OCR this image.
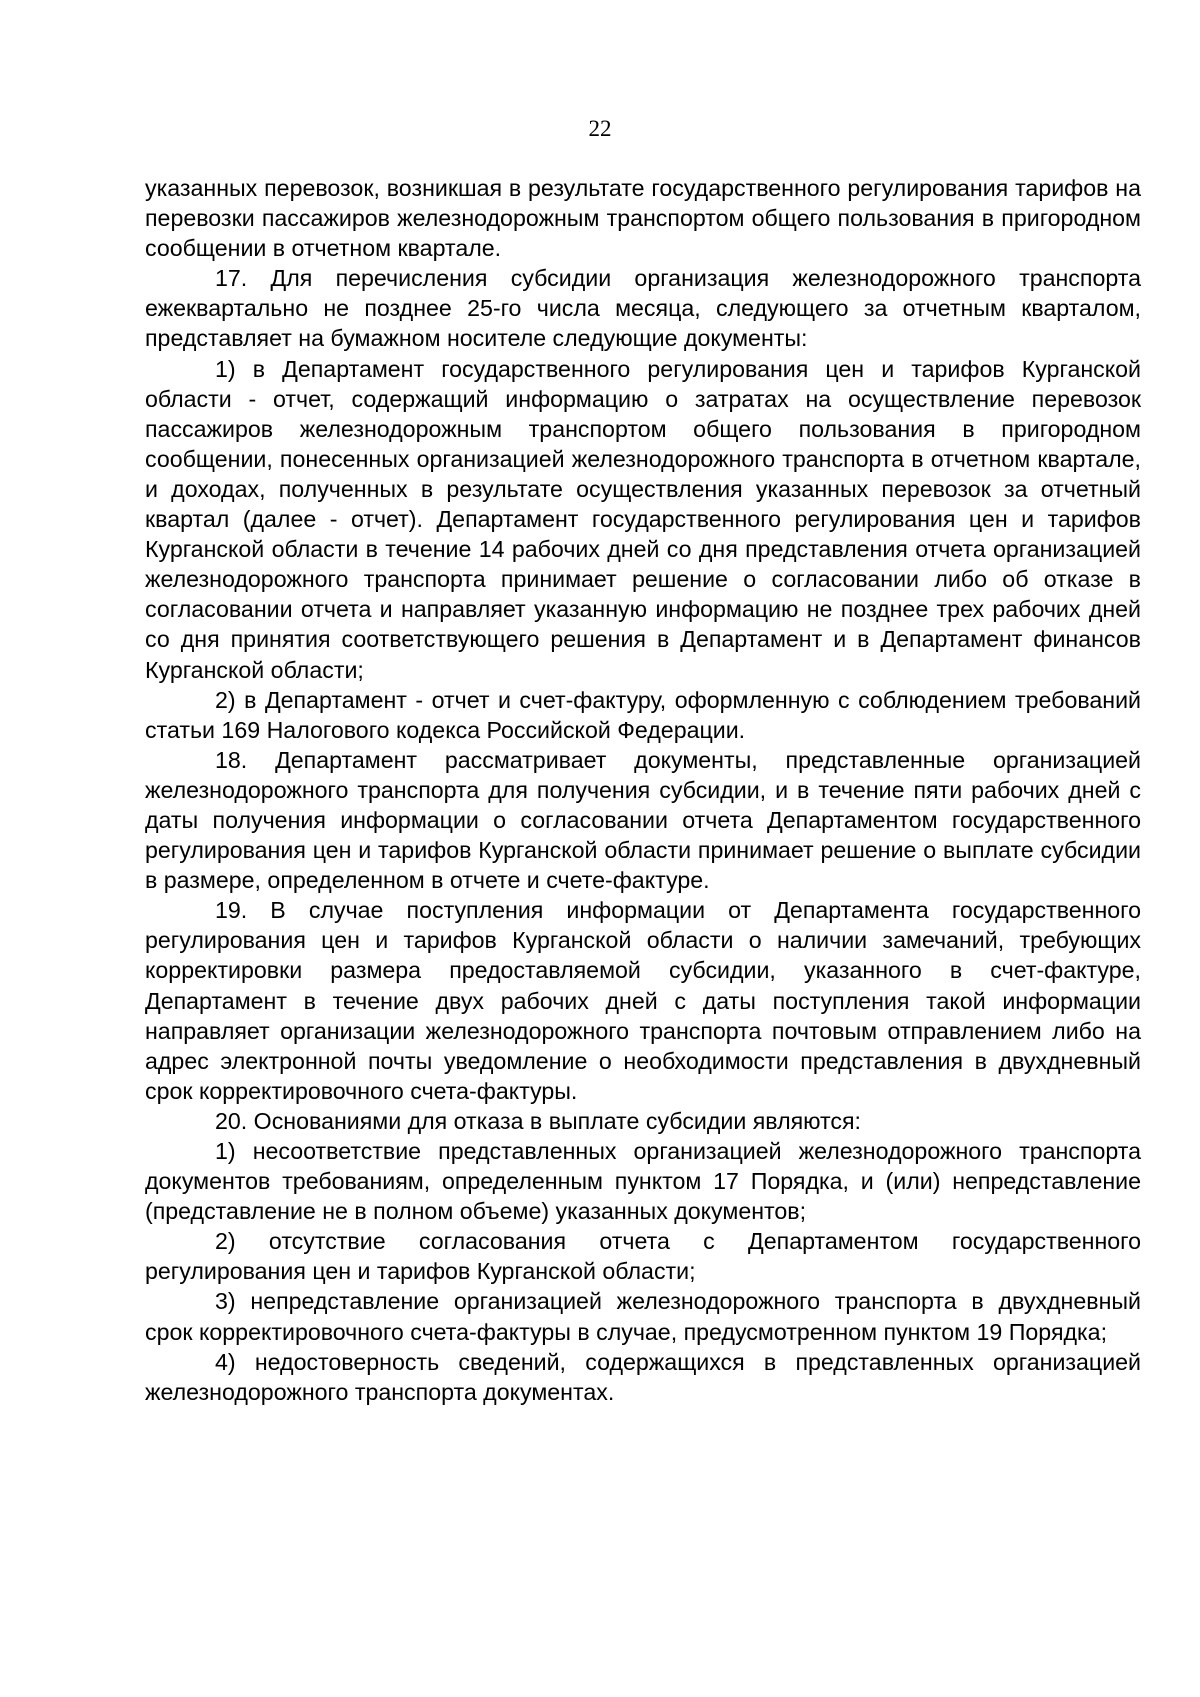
22

указанных перевозок, возникшая в результате государственного регулирования тарифов на перевозки пассажиров железнодорожным транспортом общего пользования в пригородном сообщении в отчетном квартале.

17. Для перечисления субсидии организация железнодорожного транспорта ежеквартально не позднее 25-го числа месяца, следующего за отчетным кварталом, представляет на бумажном носителе следующие документы:

1) в Департамент государственного регулирования цен и тарифов Курганской области - отчет, содержащий информацию о затратах на осуществление перевозок пассажиров железнодорожным транспортом общего пользования в пригородном сообщении, понесенных организацией железнодорожного транспорта в отчетном квартале, и доходах, полученных в результате осуществления указанных перевозок за отчетный квартал (далее - отчет). Департамент государственного регулирования цен и тарифов Курганской области в течение 14 рабочих дней со дня представления отчета организацией железнодорожного транспорта принимает решение о согласовании либо об отказе в согласовании отчета и направляет указанную информацию не позднее трех рабочих дней со дня принятия соответствующего решения в Департамент и в Департамент финансов Курганской области;

2) в Департамент - отчет и счет-фактуру, оформленную с соблюдением требований статьи 169 Налогового кодекса Российской Федерации.

18. Департамент рассматривает документы, представленные организацией железнодорожного транспорта для получения субсидии, и в течение пяти рабочих дней с даты получения информации о согласовании отчета Департаментом государственного регулирования цен и тарифов Курганской области принимает решение о выплате субсидии в размере, определенном в отчете и счете-фактуре.

19. В случае поступления информации от Департамента государственного регулирования цен и тарифов Курганской области о наличии замечаний, требующих корректировки размера предоставляемой субсидии, указанного в счет-фактуре, Департамент в течение двух рабочих дней с даты поступления такой информации направляет организации железнодорожного транспорта почтовым отправлением либо на адрес электронной почты уведомление о необходимости представления в двухдневный срок корректировочного счета-фактуры.

20. Основаниями для отказа в выплате субсидии являются:

1) несоответствие представленных организацией железнодорожного транспорта документов требованиям, определенным пунктом 17 Порядка, и (или) непредставление (представление не в полном объеме) указанных документов;

2) отсутствие согласования отчета с Департаментом государственного регулирования цен и тарифов Курганской области;

3) непредставление организацией железнодорожного транспорта в двухдневный срок корректировочного счета-фактуры в случае, предусмотренном пунктом 19 Порядка;

4) недостоверность сведений, содержащихся в представленных организацией железнодорожного транспорта документах.
